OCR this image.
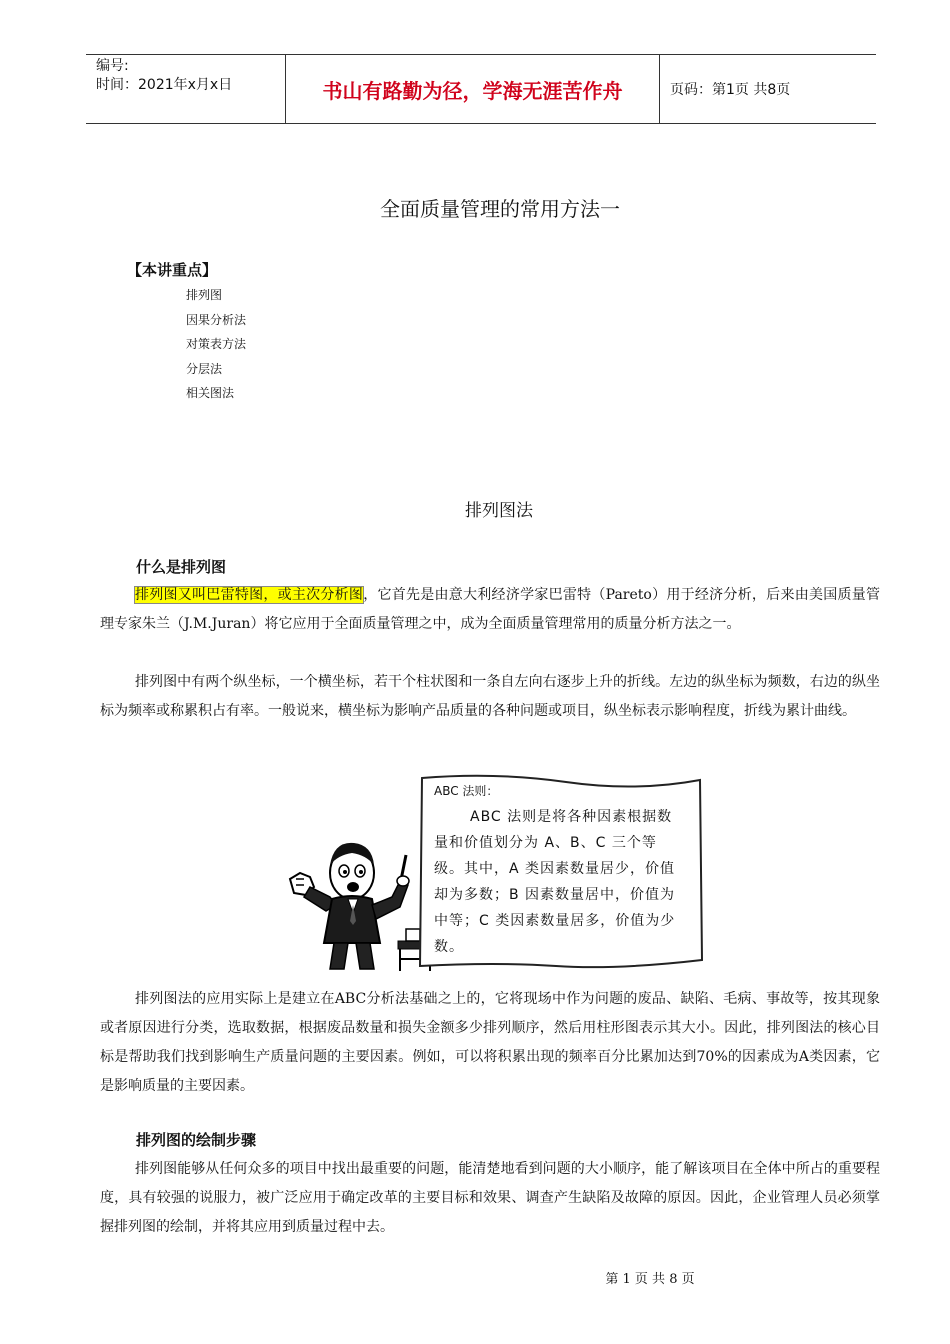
编号:
时间：2021年x月x日	书山有路勤为径，学海无涯苦作舟	页码：第1页 共8页
全面质量管理的常用方法一
【本讲重点】
排列图
因果分析法
对策表方法
分层法
相关图法
排列图法
什么是排列图

排列图又叫巴雷特图，或主次分析图，它首先是由意大利经济学家巴雷特（Pareto）用于经济分析，后来由美国质量管理专家朱兰（J.M.Juran）将它应用于全面质量管理之中，成为全面质量管理常用的质量分析方法之一。

排列图中有两个纵坐标，一个横坐标，若干个柱状图和一条自左向右逐步上升的折线。左边的纵坐标为频数，右边的纵坐标为频率或称累积占有率。一般说来，横坐标为影响产品质量的各种问题或项目，纵坐标表示影响程度，折线为累计曲线。

ABC 法则：
ABC 法则是将各种因素根据数量和价值划分为 A、B、C 三个等级。其中，A 类因素数量居少，价值却为多数；B 因素数量居中，价值为中等；C 类因素数量居多，价值为少数。

排列图法的应用实际上是建立在ABC分析法基础之上的，它将现场中作为问题的废品、缺陷、毛病、事故等，按其现象或者原因进行分类，选取数据，根据废品数量和损失金额多少排列顺序，然后用柱形图表示其大小。因此，排列图法的核心目标是帮助我们找到影响生产质量问题的主要因素。例如，可以将积累出现的频率百分比累加达到70%的因素成为A类因素，它是影响质量的主要因素。

排列图的绘制步骤

排列图能够从任何众多的项目中找出最重要的问题，能清楚地看到问题的大小顺序，能了解该项目在全体中所占的重要程度，具有较强的说服力，被广泛应用于确定改革的主要目标和效果、调查产生缺陷及故障的原因。因此，企业管理人员必须掌握排列图的绘制，并将其应用到质量过程中去。

第 1 页 共 8 页
